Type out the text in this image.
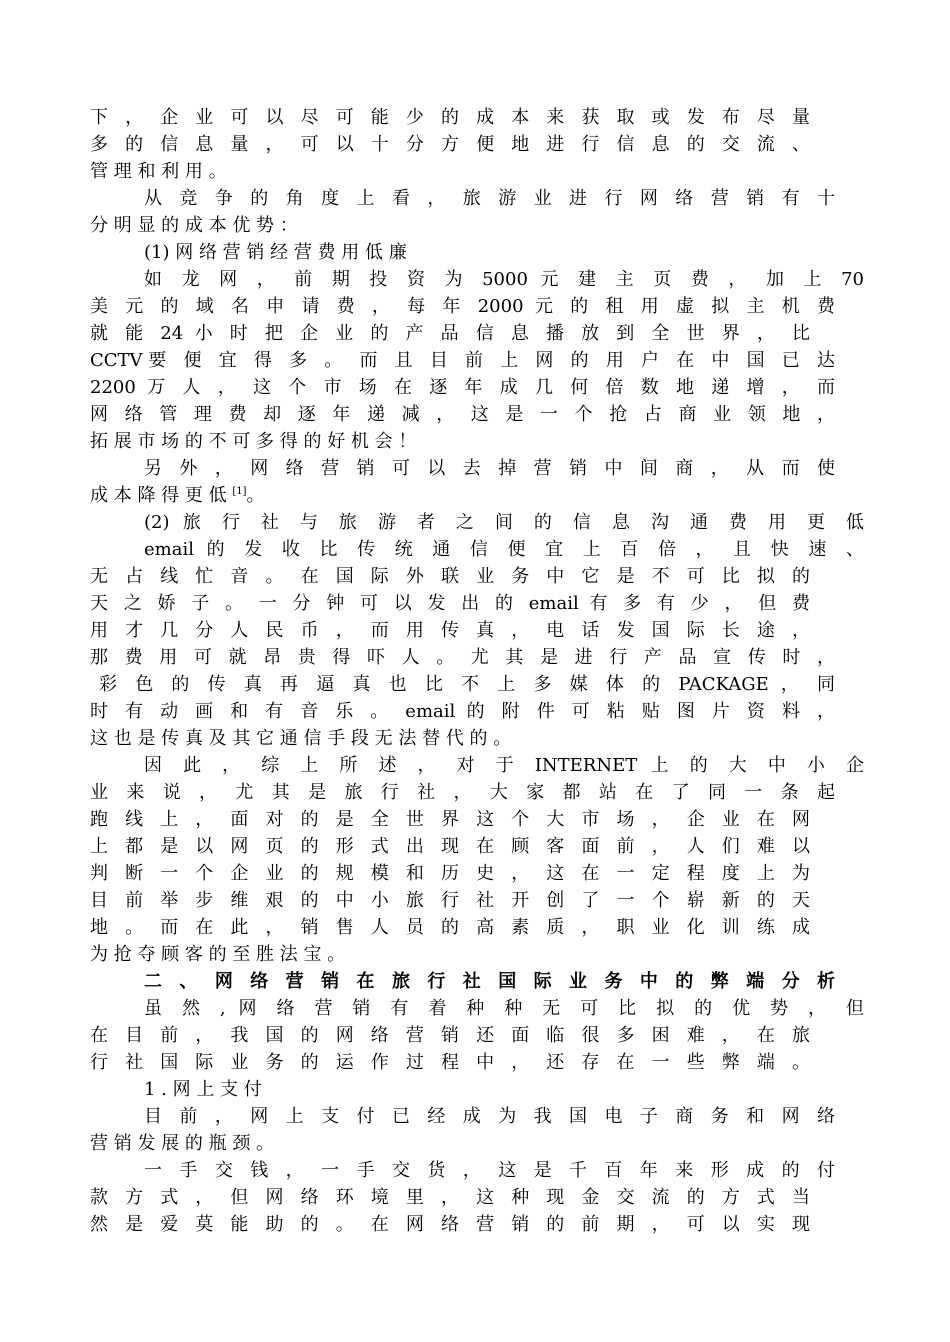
下 ， 企 业 可 以 尽 可 能 少 的 成 本 来 获 取 或 发 布 尽 量
多 的 信 息 量 ， 可 以 十 分 方 便 地 进 行 信 息 的 交 流 、
管 理 和 利 用 。
从 竞 争 的 角 度 上 看 ， 旅 游 业 进 行 网 络 营 销 有 十
分 明 显 的 成 本 优 势 ：
(1) 网 络 营 销 经 营 费 用 低 廉
如 龙 网 ， 前 期 投 资 为 5000 元 建 主 页 费 ， 加 上 70
美 元 的 域 名 申 请 费 ， 每 年 2000 元 的 租 用 虚 拟 主 机 费
就 能 24 小 时 把 企 业 的 产 品 信 息 播 放 到 全 世 界 ， 比
CCTV要 便 宜 得 多 。 而 且 目 前 上 网 的 用 户 在 中 国 已 达
2200 万 人 ， 这 个 市 场 在 逐 年 成 几 何 倍 数 地 递 增 ， 而
网 络 管 理 费 却 逐 年 递 减 ， 这 是 一 个 抢 占 商 业 领 地 ，
拓 展 市 场 的 不 可 多 得 的 好 机 会 ！
另 外 ， 网 络 营 销 可 以 去 掉 营 销 中 间 商 ， 从 而 使
成 本 降 得 更 低 [1]。
(2) 旅 行 社 与 旅 游 者 之 间 的 信 息 沟 通 费 用 更 低
email 的 发 收 比 传 统 通 信 便 宜 上 百 倍 ， 且 快 速 、
无 占 线 忙 音 。 在 国 际 外 联 业 务 中 它 是 不 可 比 拟 的
天 之 娇 子 。 一 分 钟 可 以 发 出 的 email 有 多 有 少 ， 但 费
用 才 几 分 人 民 币 ， 而 用 传 真 ， 电 话 发 国 际 长 途 ，
那 费 用 可 就 昂 贵 得 吓 人 。 尤 其 是 进 行 产 品 宣 传 时 ，
彩 色 的 传 真 再 逼 真 也 比 不 上 多 媒 体 的 PACKAGE ， 同
时 有 动 画 和 有 音 乐 。 email 的 附 件 可 粘 贴 图 片 资 料 ，
这 也 是 传 真 及 其 它 通 信 手 段 无 法 替 代 的 。
因 此 ， 综 上 所 述 ， 对 于 INTERNET 上 的 大 中 小 企
业 来 说 ， 尤 其 是 旅 行 社 ， 大 家 都 站 在 了 同 一 条 起
跑 线 上 ， 面 对 的 是 全 世 界 这 个 大 市 场 ， 企 业 在 网
上 都 是 以 网 页 的 形 式 出 现 在 顾 客 面 前 ， 人 们 难 以
判 断 一 个 企 业 的 规 模 和 历 史 ， 这 在 一 定 程 度 上 为
目 前 举 步 维 艰 的 中 小 旅 行 社 开 创 了 一 个 崭 新 的 天
地 。 而 在 此 ， 销 售 人 员 的 高 素 质 ， 职 业 化 训 练 成
为 抢 夺 顾 客 的 至 胜 法 宝 。
二 、 网 络 营 销 在 旅 行 社 国 际 业 务 中 的 弊 端 分 析
虽 然 , 网 络 营 销 有 着 种 种 无 可 比 拟 的 优 势 ， 但
在 目 前 ， 我 国 的 网 络 营 销 还 面 临 很 多 困 难 ， 在 旅
行 社 国 际 业 务 的 运 作 过 程 中 ， 还 存 在 一 些 弊 端 。
1 . 网 上 支 付
目 前 ， 网 上 支 付 已 经 成 为 我 国 电 子 商 务 和 网 络
营 销 发 展 的 瓶 颈 。
一 手 交 钱 ， 一 手 交 货 ， 这 是 千 百 年 来 形 成 的 付
款 方 式 ， 但 网 络 环 境 里 ， 这 种 现 金 交 流 的 方 式 当
然 是 爱 莫 能 助 的 。 在 网 络 营 销 的 前 期 ， 可 以 实 现
